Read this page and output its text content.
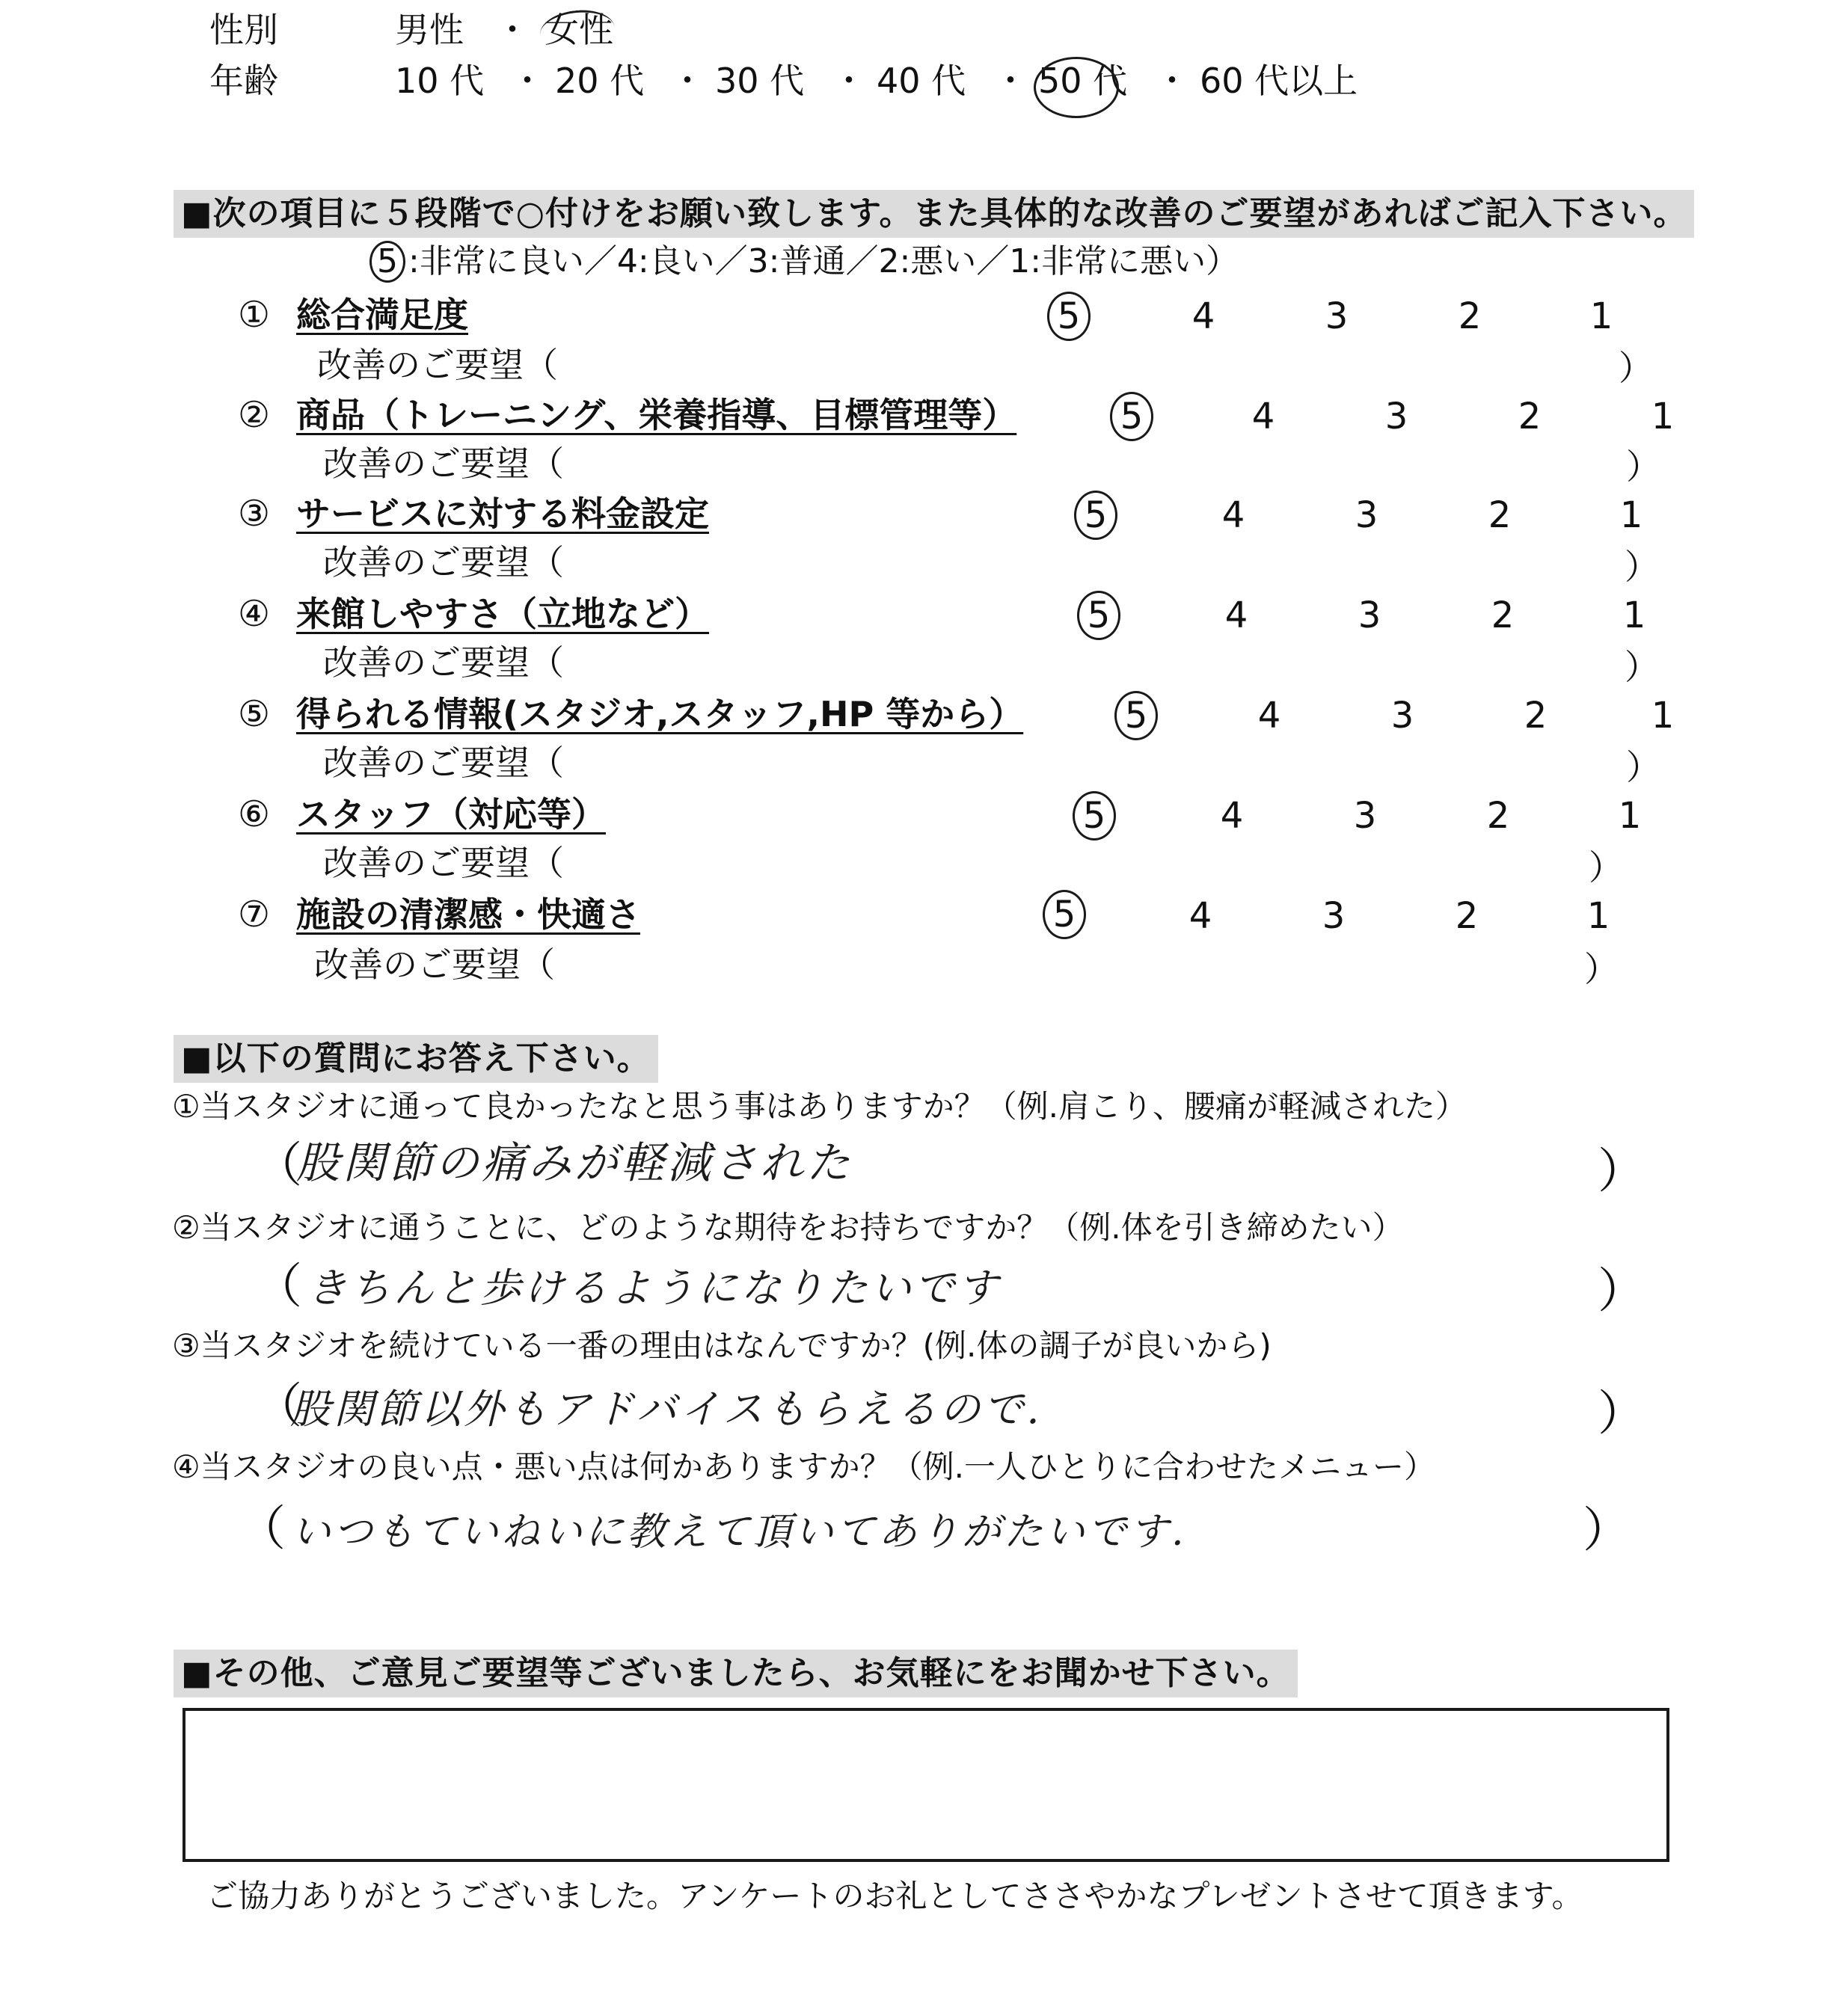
性別	男性 ・ 女性
年齢	10 代 ・ 20 代 ・ 30 代 ・ 40 代 ・ 50 代 ・ 60 代以上
■次の項目に５段階で○付けをお願い致します。また具体的な改善のご要望があればご記入下さい。
5 :非常に良い／4:良い／3:普通／2:悪い／1:非常に悪い）
① 総合満足度	5	4	3	2	1
改善のご要望（	）
② 商品（トレーニング、栄養指導、目標管理等）	5	4	3	2	1
改善のご要望（	）
③ サービスに対する料金設定	5	4	3	2	1
改善のご要望（	）
④ 来館しやすさ（立地など）	5	4	3	2	1
改善のご要望（	）
⑤ 得られる情報(スタジオ,スタッフ,HP 等から）	5	4	3	2	1
改善のご要望（	）
⑥ スタッフ（対応等）	5	4	3	2	1
改善のご要望（	）
⑦ 施設の清潔感・快適さ	5	4	3	2	1
改善のご要望（	）
■以下の質問にお答え下さい。
①当スタジオに通って良かったなと思う事はありますか？（例.肩こり、腰痛が軽減された）
（
股関節の痛みが軽減された	）
②当スタジオに通うことに、どのような期待をお持ちですか？（例.体を引き締めたい）
（ きちんと歩けるようになりたいです	）
③当スタジオを続けている一番の理由はなんですか？(例.体の調子が良いから)
（
股関節以外もアドバイスもらえるので.	）
④当スタジオの良い点・悪い点は何かありますか？（例.一人ひとりに合わせたメニュー）
（ いつもていねいに教えて頂いてありがたいです.	）
■その他、ご意見ご要望等ございましたら、お気軽にをお聞かせ下さい。
ご協力ありがとうございました。アンケートのお礼としてささやかなプレゼントさせて頂きます。
